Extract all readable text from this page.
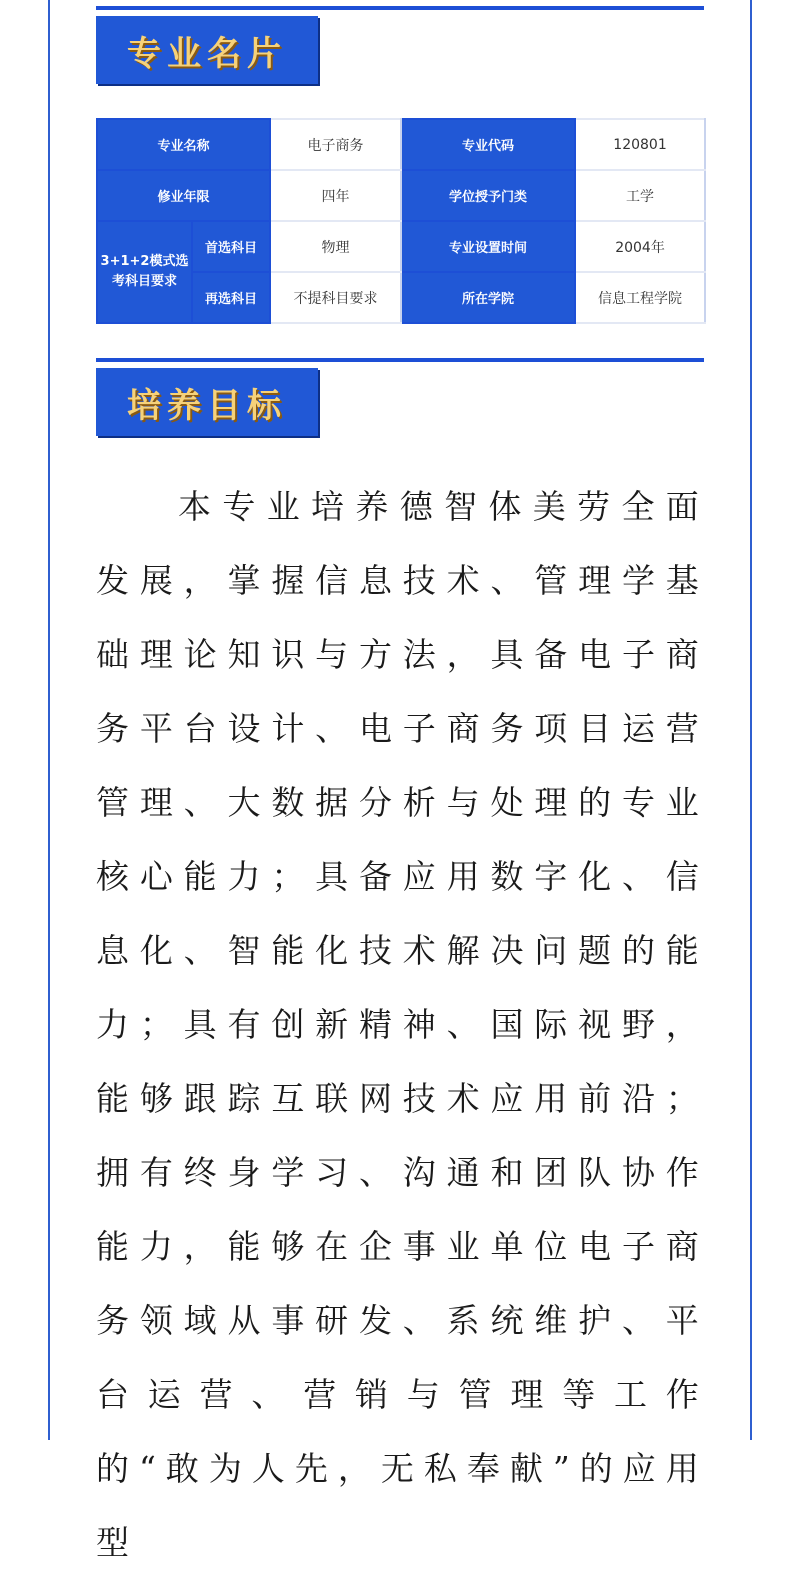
专业名片
专业名称		电子商务	专业代码	120801
修业年限		四年	学位授予门类	工学
3+1+2模式选考科目要求	首选科目	物理	专业设置时间	2004年
	再选科目	不提科目要求	所在学院	信息工程学院
培养目标

本专业培养德智体美劳全面发展，掌握信息技术、管理学基础理论知识与方法，具备电子商务平台设计、电子商务项目运营管理、大数据分析与处理的专业核心能力；具备应用数字化、信息化、智能化技术解决问题的能力；具有创新精神、国际视野，能够跟踪互联网技术应用前沿；拥有终身学习、沟通和团队协作能力，能够在企事业单位电子商务领域从事研发、系统维护、平台运营、营销与管理等工作的“敢为人先，无私奉献”的应用型
